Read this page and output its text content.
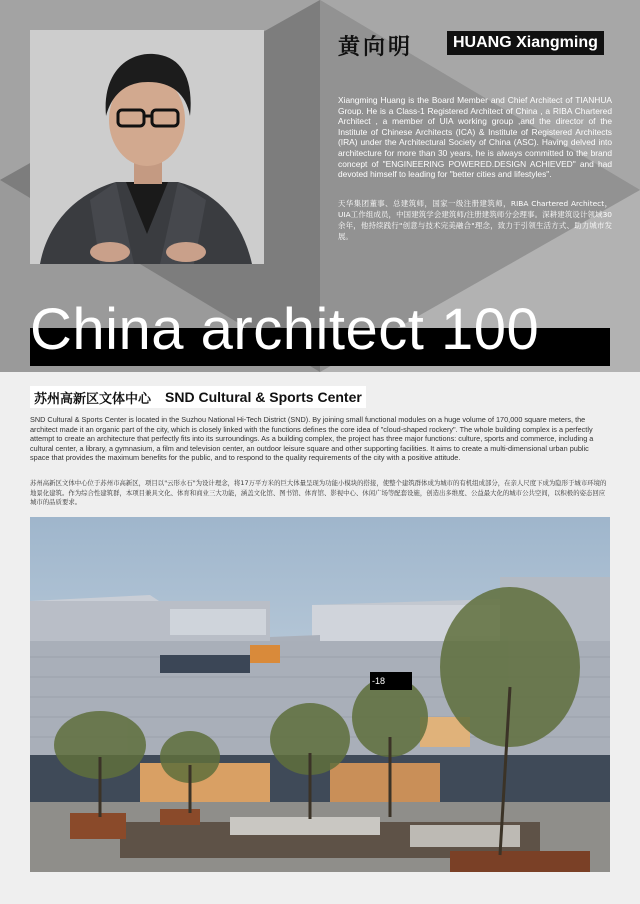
黄向明	HUANG Xiangming

Xiangming Huang is the Board Member and Chief Architect of TIANHUA Group. He is a Class-1 Registered Architect of China , a RIBA Chartered Architect , a member of UIA working group ,and the director of the Institute of Chinese Architects (ICA) & Institute of Registered Architects (IRA) under the Architectural Society of China (ASC). Having delved into architecture for more than 30 years, he is always committed to the brand concept of "ENGINEERING POWERED.DESIGN ACHIEVED" and had devoted himself to leading for "better cities and lifestyles".

天华集团董事、总建筑师，国家一级注册建筑师，RIBA Chartered Architect，UIA工作组成员，中国建筑学会建筑师/注册建筑师分会理事。深耕建筑设计领域30余年，他持续践行"创意与技术完美融合"理念，致力于引领生活方式、助力城市发展。

China architect 100
苏州高新区文体中心 SND Cultural & Sports Center

SND Cultural & Sports Center is located in the Suzhou National Hi-Tech District (SND). By joining small functional modules on a huge volume of 170,000 square meters, the architect made it an organic part of the city, which is closely linked with the functions defines the core idea of "cloud-shaped rockery". The whole building complex is a perfectly attempt to create an architecture that perfectly fits into its surroundings. As a building complex, the project has three major functions: culture, sports and commerce, including a cultural center, a library, a gymnasium, a film and television center, an outdoor leisure square and other supporting facilities. It aims to create a multi-dimensional urban public space that provides the maximum benefits for the public, and to respond to the quality requirements of the city with a positive attitude.

苏州高新区文体中心位于苏州市高新区，项目以"云形水石"为设计理念，将17万平方米的巨大体量呈现为功能小模块的搭接，使整个建筑群体成为城市的有机组成部分，在亲人尺度下成为隐形于城市环境的地景化建筑。作为综合性建筑群，本项目兼具文化、体育和商业三大功能，涵盖文化馆、图书馆、体育馆、影视中心、休闲广场等配套设施，创造出多维度、公益最大化的城市公共空间，以积极的姿态回应城市的品质要求。

-18
